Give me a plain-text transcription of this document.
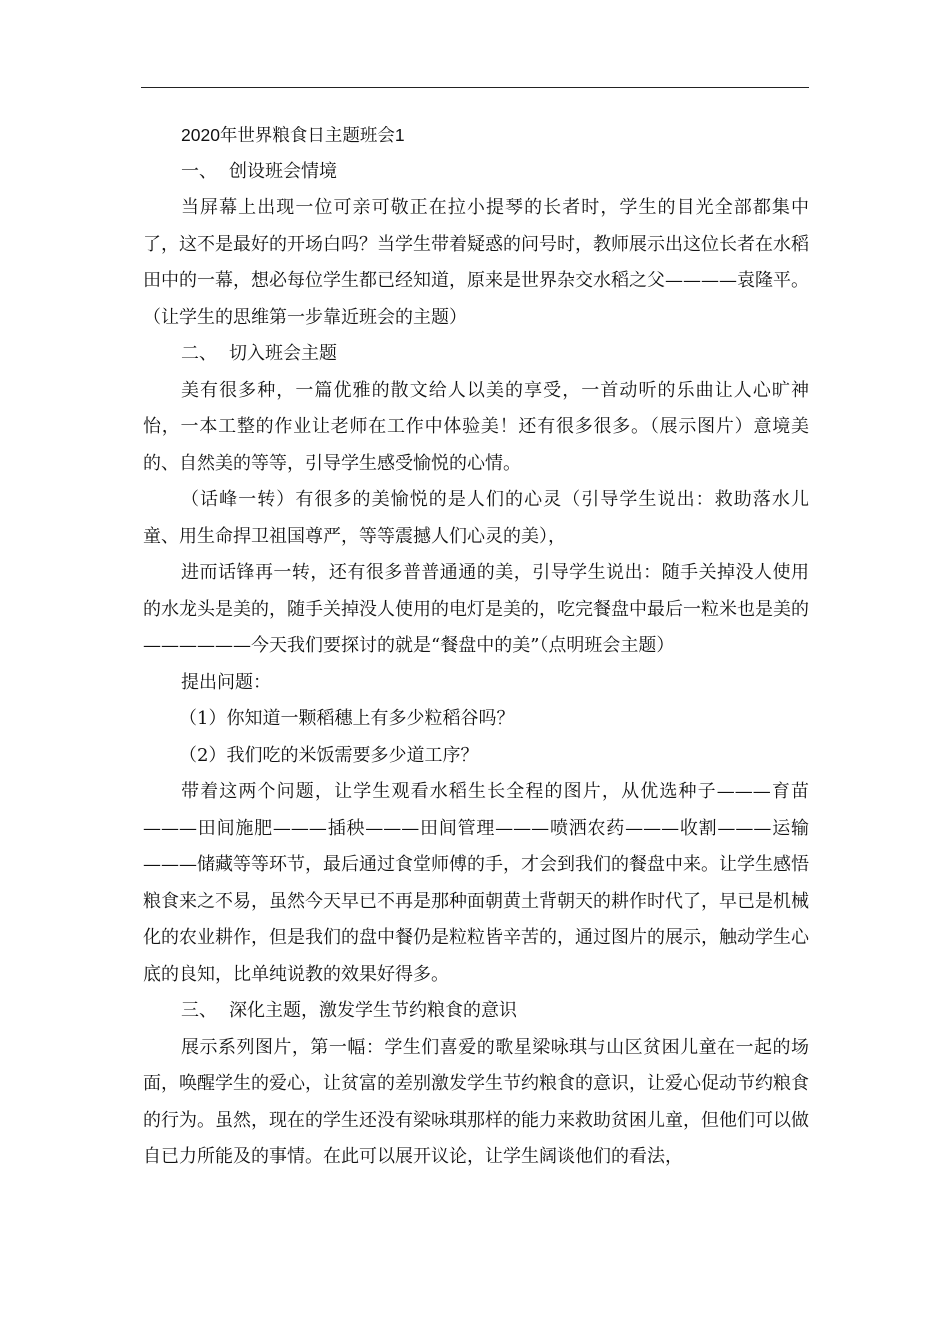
2020年世界粮食日主题班会1

一、 创设班会情境

当屏幕上出现一位可亲可敬正在拉小提琴的长者时，学生的目光全部都集中了，这不是最好的开场白吗？当学生带着疑惑的问号时，教师展示出这位长者在水稻田中的一幕，想必每位学生都已经知道，原来是世界杂交水稻之父————袁隆平。（让学生的思维第一步靠近班会的主题）

二、 切入班会主题

美有很多种，一篇优雅的散文给人以美的享受，一首动听的乐曲让人心旷神怡，一本工整的作业让老师在工作中体验美！还有很多很多。（展示图片）意境美的、自然美的等等，引导学生感受愉悦的心情。

（话峰一转）有很多的美愉悦的是人们的心灵（引导学生说出：救助落水儿童、用生命捍卫祖国尊严，等等震撼人们心灵的美），

进而话锋再一转，还有很多普普通通的美，引导学生说出：随手关掉没人使用的水龙头是美的，随手关掉没人使用的电灯是美的，吃完餐盘中最后一粒米也是美的——————今天我们要探讨的就是“餐盘中的美”（点明班会主题）

提出问题：

（1）你知道一颗稻穗上有多少粒稻谷吗？

（2）我们吃的米饭需要多少道工序？

带着这两个问题，让学生观看水稻生长全程的图片，从优选种子———育苗———田间施肥———插秧———田间管理———喷洒农药———收割———运输———储藏等等环节，最后通过食堂师傅的手，才会到我们的餐盘中来。让学生感悟粮食来之不易，虽然今天早已不再是那种面朝黄土背朝天的耕作时代了，早已是机械化的农业耕作，但是我们的盘中餐仍是粒粒皆辛苦的，通过图片的展示，触动学生心底的良知，比单纯说教的效果好得多。

三、 深化主题，激发学生节约粮食的意识

展示系列图片，第一幅：学生们喜爱的歌星梁咏琪与山区贫困儿童在一起的场面，唤醒学生的爱心，让贫富的差别激发学生节约粮食的意识，让爱心促动节约粮食的行为。虽然，现在的学生还没有梁咏琪那样的能力来救助贫困儿童，但他们可以做自已力所能及的事情。在此可以展开议论，让学生阔谈他们的看法，
